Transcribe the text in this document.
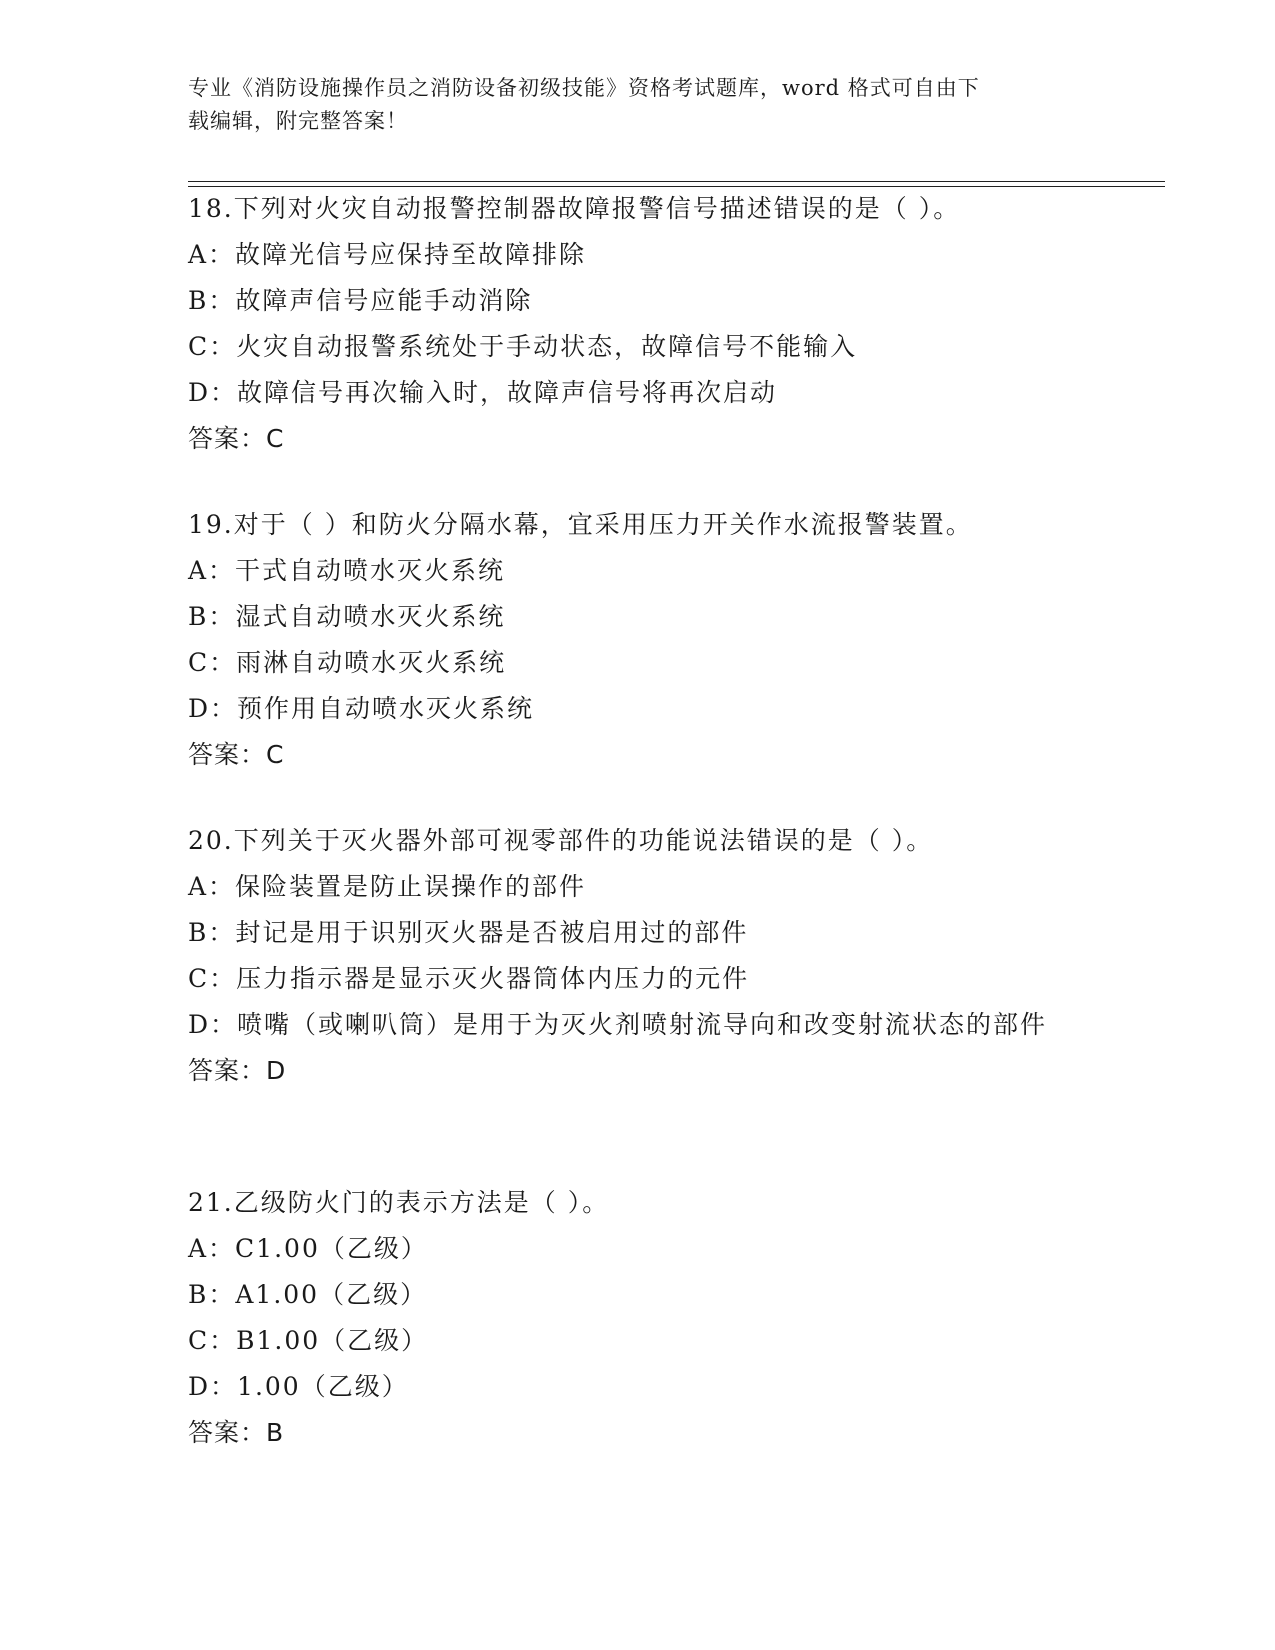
专业《消防设施操作员之消防设备初级技能》资格考试题库，word 格式可自由下
载编辑，附完整答案！
18.下列对火灾自动报警控制器故障报警信号描述错误的是（ ）。
A：故障光信号应保持至故障排除
B：故障声信号应能手动消除
C：火灾自动报警系统处于手动状态，故障信号不能输入
D：故障信号再次输入时，故障声信号将再次启动
答案：C
19.对于（ ）和防火分隔水幕，宜采用压力开关作水流报警装置。
A：干式自动喷水灭火系统
B：湿式自动喷水灭火系统
C：雨淋自动喷水灭火系统
D：预作用自动喷水灭火系统
答案：C
20.下列关于灭火器外部可视零部件的功能说法错误的是（ ）。
A：保险装置是防止误操作的部件
B：封记是用于识别灭火器是否被启用过的部件
C：压力指示器是显示灭火器筒体内压力的元件
D：喷嘴（或喇叭筒）是用于为灭火剂喷射流导向和改变射流状态的部件
答案：D
21.乙级防火门的表示方法是（ ）。
A：C1.00（乙级）
B：A1.00（乙级）
C：B1.00（乙级）
D：1.00（乙级）
答案：B
